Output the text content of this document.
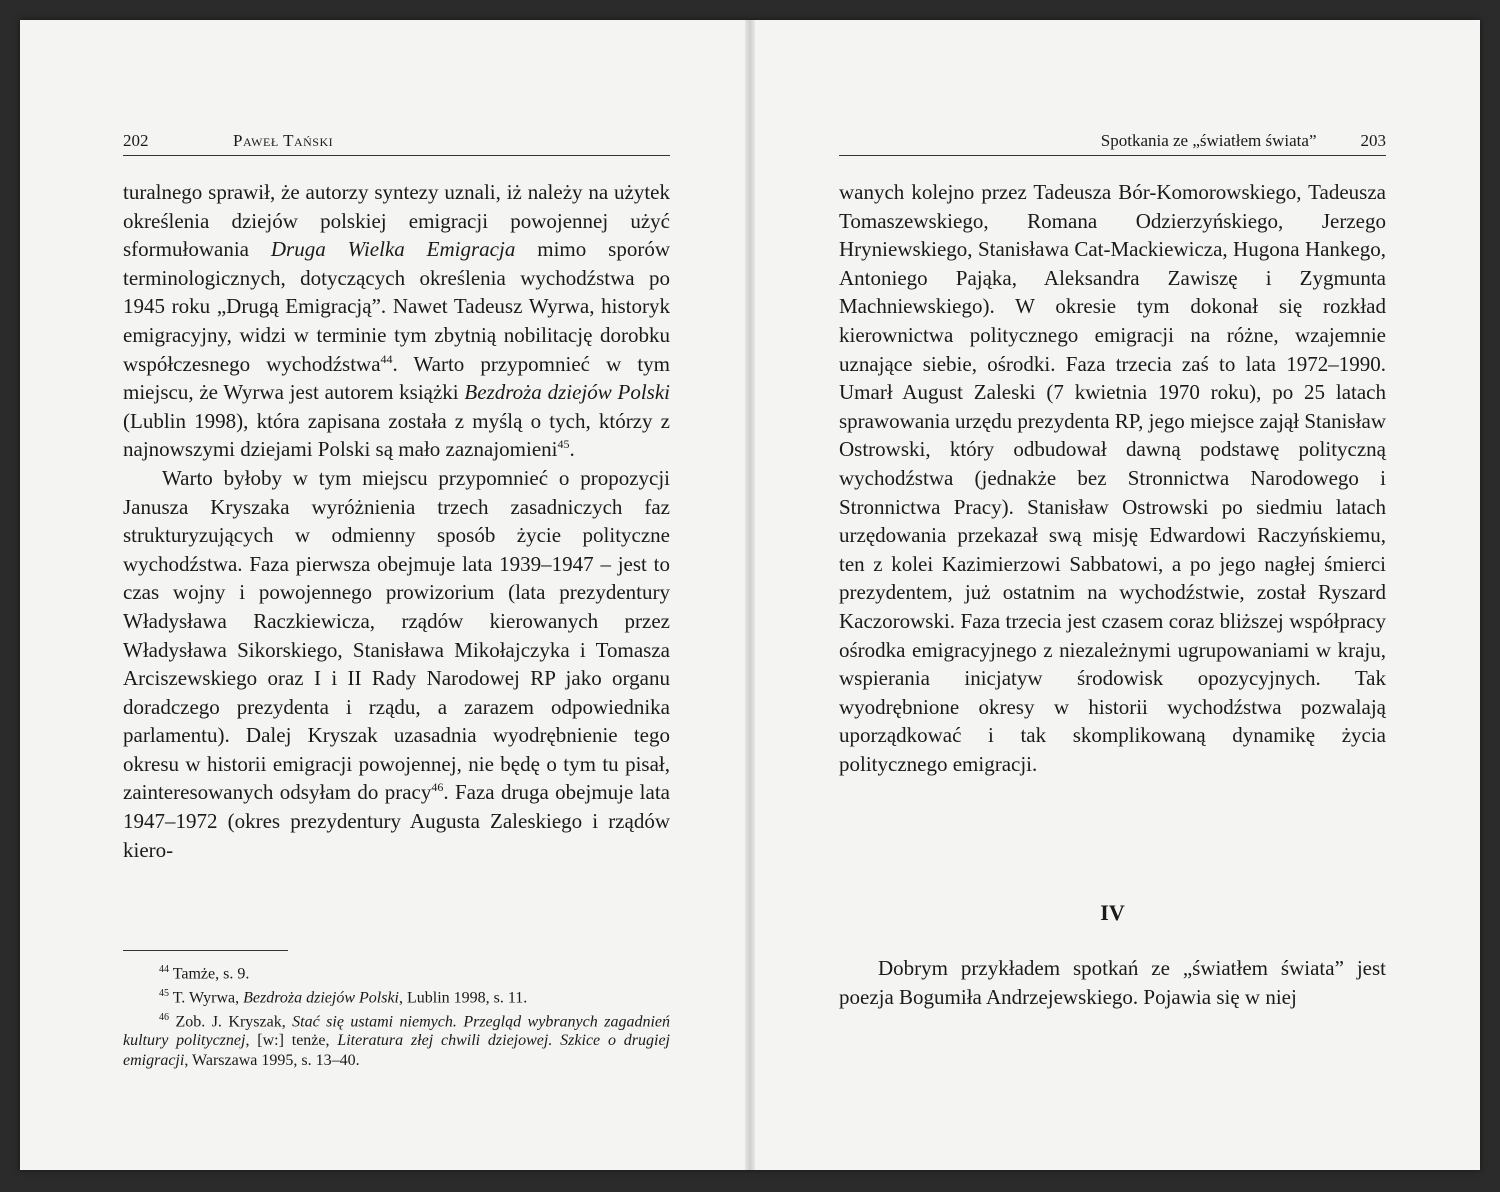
202	Paweł Tański

turalnego sprawił, że autorzy syntezy uznali, iż należy na użytek określenia dziejów polskiej emigracji powojennej użyć sformułowania Druga Wielka Emigracja mimo sporów terminologicznych, dotyczących określenia wychodźstwa po 1945 roku „Drugą Emigracją”. Nawet Tadeusz Wyrwa, historyk emigracyjny, widzi w terminie tym zbytnią nobilitację dorobku współczesnego wychodźstwa$^{44}$. Warto przypomnieć w tym miejscu, że Wyrwa jest autorem książki Bezdroża dziejów Polski (Lublin 1998), która zapisana została z myślą o tych, którzy z najnowszymi dziejami Polski są mało zaznajomieni$^{45}$.

Warto byłoby w tym miejscu przypomnieć o propozycji Janusza Kryszaka wyróżnienia trzech zasadniczych faz strukturyzujących w odmienny sposób życie polityczne wychodźstwa. Faza pierwsza obejmuje lata 1939–1947 – jest to czas wojny i powojennego prowizorium (lata prezydentury Władysława Raczkiewicza, rządów kierowanych przez Władysława Sikorskiego, Stanisława Mikołajczyka i Tomasza Arciszewskiego oraz I i II Rady Narodowej RP jako organu doradczego prezydenta i rządu, a zarazem odpowiednika parlamentu). Dalej Kryszak uzasadnia wyodrębnienie tego okresu w historii emigracji powojennej, nie będę o tym tu pisał, zainteresowanych odsyłam do pracy$^{46}$. Faza druga obejmuje lata 1947–1972 (okres prezydentury Augusta Zaleskiego i rządów kiero-

$^{44}$ Tamże, s. 9.

$^{45}$ T. Wyrwa, Bezdroża dziejów Polski, Lublin 1998, s. 11.

$^{46}$ Zob. J. Kryszak, Stać się ustami niemych. Przegląd wybranych zagadnień kultury politycznej, [w:] tenże, Literatura złej chwili dziejowej. Szkice o drugiej emigracji, Warszawa 1995, s. 13–40.

Spotkania ze „światłem świata”	203

wanych kolejno przez Tadeusza Bór-Komorowskiego, Tadeusza Tomaszewskiego, Romana Odzierzyńskiego, Jerzego Hryniewskiego, Stanisława Cat-Mackiewicza, Hugona Hankego, Antoniego Pająka, Aleksandra Zawiszę i Zygmunta Machniewskiego). W okresie tym dokonał się rozkład kierownictwa politycznego emigracji na różne, wzajemnie uznające siebie, ośrodki. Faza trzecia zaś to lata 1972–1990. Umarł August Zaleski (7 kwietnia 1970 roku), po 25 latach sprawowania urzędu prezydenta RP, jego miejsce zajął Stanisław Ostrowski, który odbudował dawną podstawę polityczną wychodźstwa (jednakże bez Stronnictwa Narodowego i Stronnictwa Pracy). Stanisław Ostrowski po siedmiu latach urzędowania przekazał swą misję Edwardowi Raczyńskiemu, ten z kolei Kazimierzowi Sabbatowi, a po jego nagłej śmierci prezydentem, już ostatnim na wychodźstwie, został Ryszard Kaczorowski. Faza trzecia jest czasem coraz bliższej współpracy ośrodka emigracyjnego z niezależnymi ugrupowaniami w kraju, wspierania inicjatyw środowisk opozycyjnych. Tak wyodrębnione okresy w historii wychodźstwa pozwalają uporządkować i tak skomplikowaną dynamikę życia politycznego emigracji.

IV

Dobrym przykładem spotkań ze „światłem świata” jest poezja Bogumiła Andrzejewskiego. Pojawia się w niej
